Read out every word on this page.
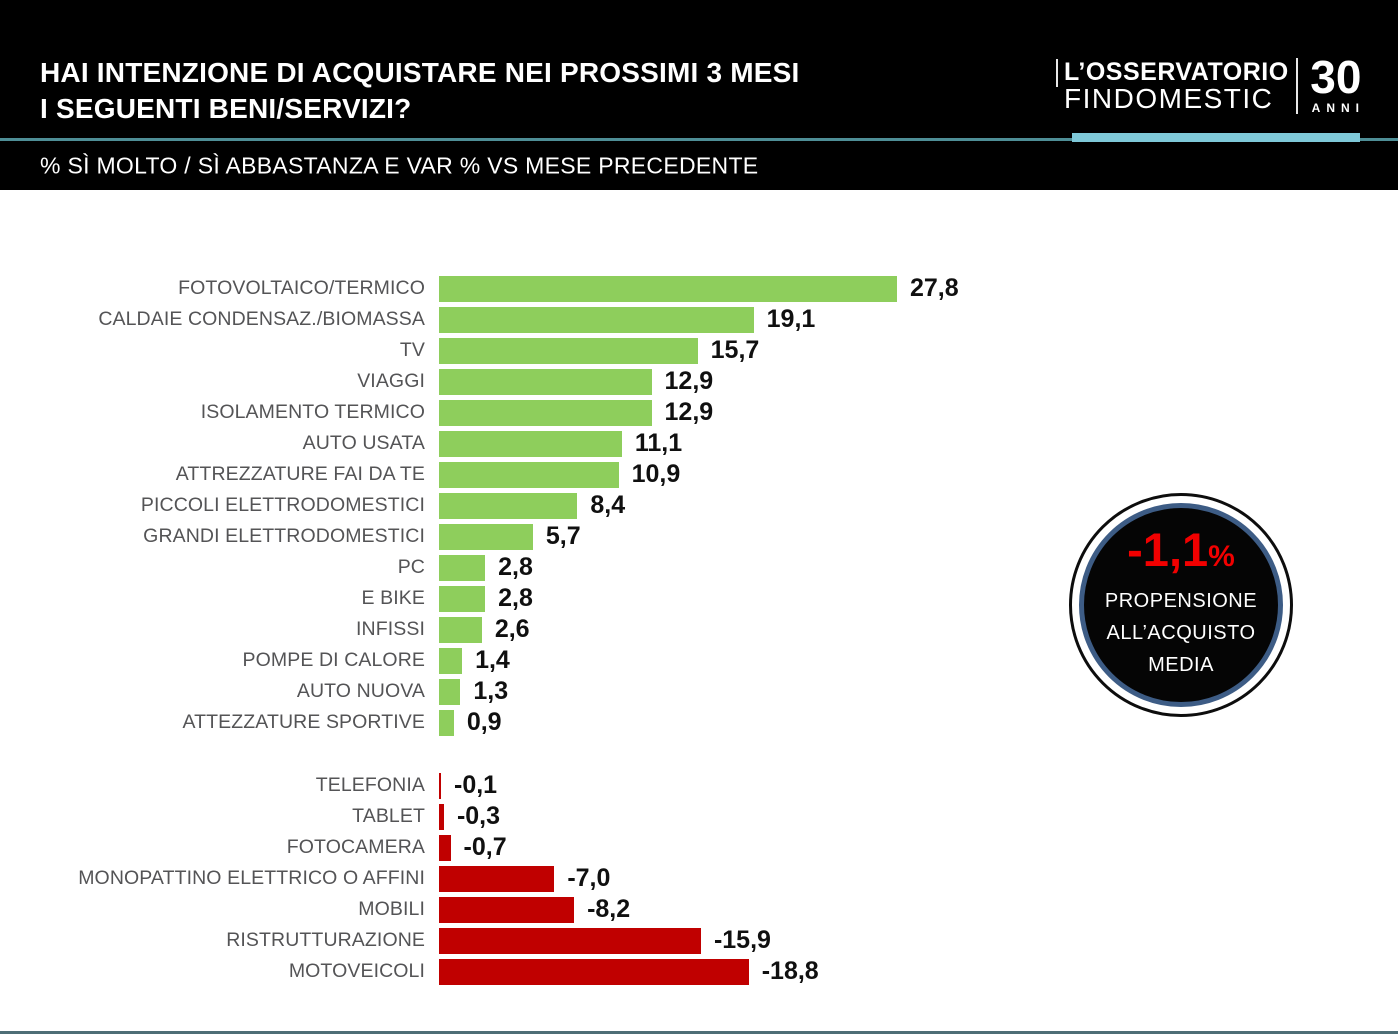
HAI INTENZIONE DI ACQUISTARE NEI PROSSIMI 3 MESI
I SEGUENTI BENI/SERVIZI?
L’OSSERVATORIO
FINDOMESTIC 30
ANNI
% SÌ MOLTO / SÌ ABBASTANZA E VAR % VS MESE PRECEDENTE
FOTOVOLTAICO/TERMICO	27,8
CALDAIE CONDENSAZ./BIOMASSA	19,1
TV	15,7
VIAGGI	12,9
ISOLAMENTO TERMICO	12,9
AUTO USATA	11,1
ATTREZZATURE FAI DA TE	10,9
PICCOLI ELETTRODOMESTICI	8,4
GRANDI ELETTRODOMESTICI	5,7
PC	2,8
E BIKE	2,8
INFISSI	2,6
POMPE DI CALORE	1,4
AUTO NUOVA	1,3
ATTEZZATURE SPORTIVE	0,9
TELEFONIA	-0,1
TABLET	-0,3
FOTOCAMERA	-0,7
MONOPATTINO ELETTRICO O AFFINI	-7,0
MOBILI	-8,2
RISTRUTTURAZIONE	-15,9
MOTOVEICOLI	-18,8
-1,1%
PROPENSIONE
ALL’ACQUISTO
MEDIA
